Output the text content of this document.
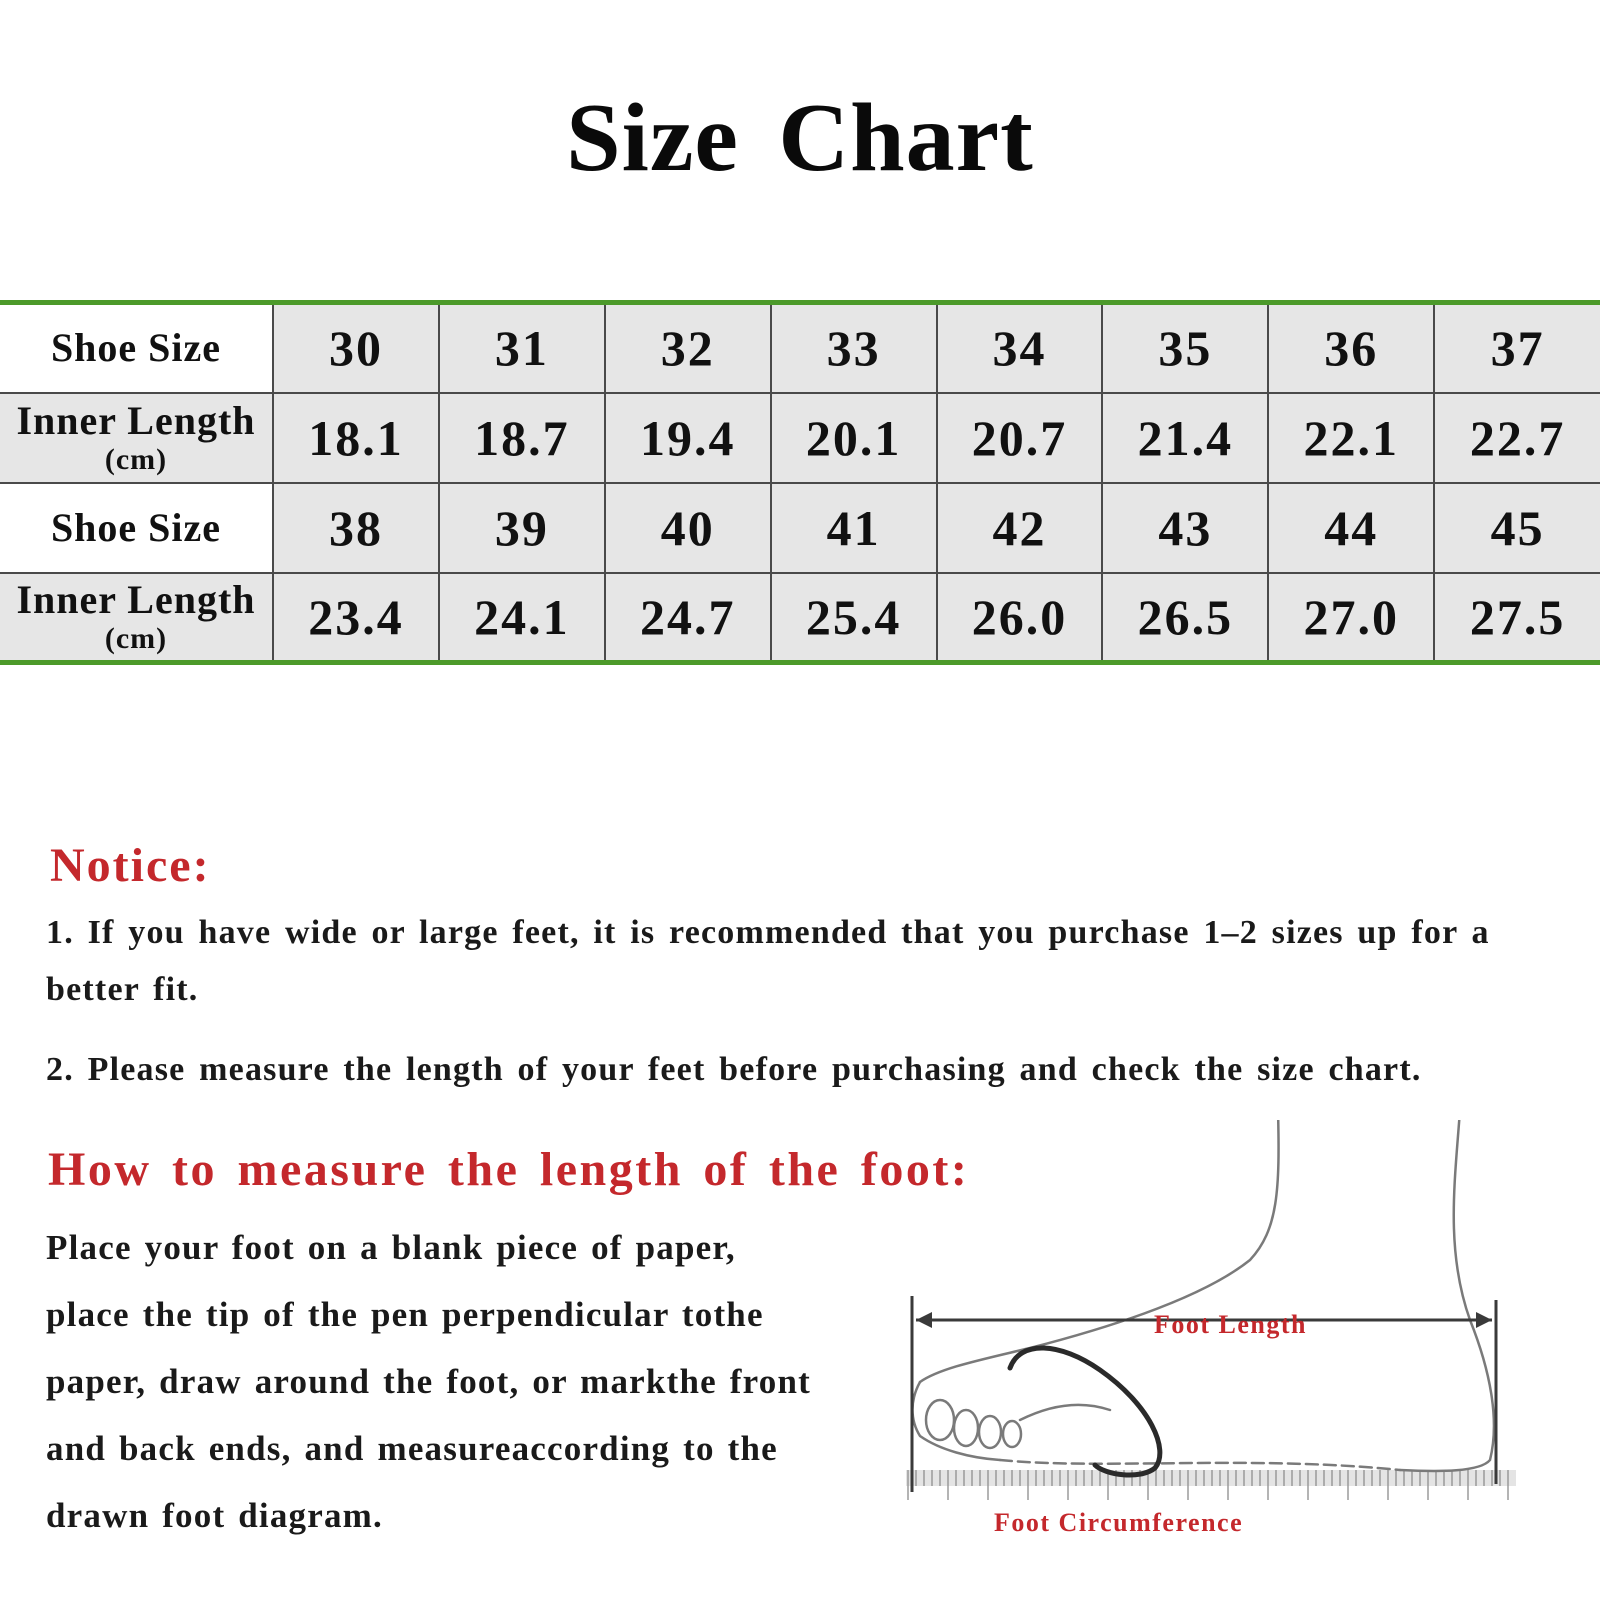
Size Chart
Shoe Size	30	31	32	33	34	35	36	37
Inner Length
(cm)	18.1	18.7	19.4	20.1	20.7	21.4	22.1	22.7
Shoe Size	38	39	40	41	42	43	44	45
Inner Length
(cm)	23.4	24.1	24.7	25.4	26.0	26.5	27.0	27.5
Notice:

1. If you have wide or large feet, it is recommended that you purchase 1–2 sizes up for a better fit.

2. Please measure the length of your feet before purchasing and check the size chart.

How to measure the length of the foot:
Place your foot on a blank piece of paper,
place the tip of the pen perpendicular tothe
paper, draw around the foot, or markthe front
and back ends, and measureaccording to the
drawn foot diagram.
Foot Length
Foot Circumference
